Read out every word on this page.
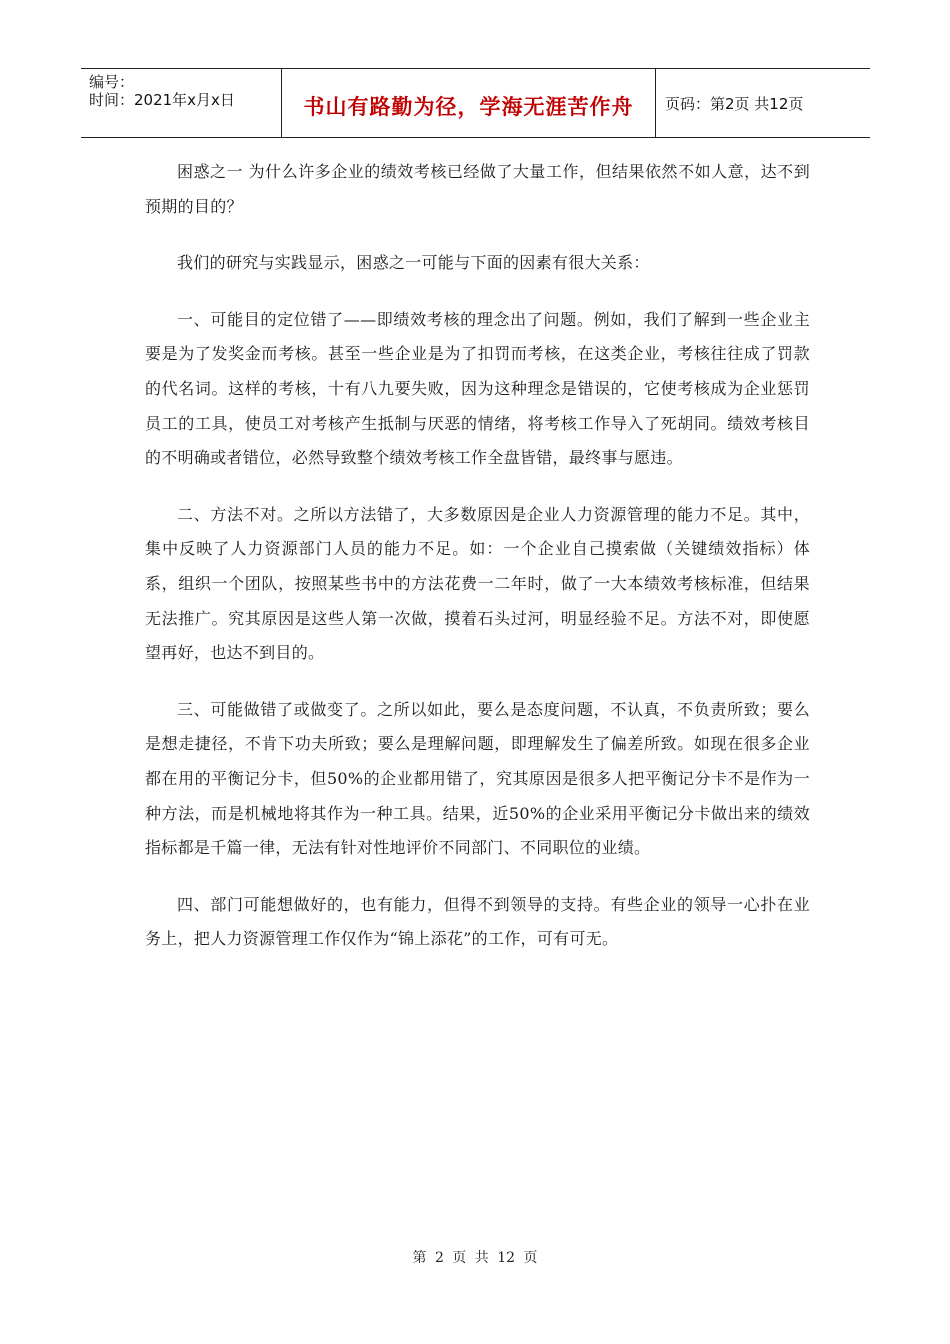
编号：
时间：2021年x月x日	书山有路勤为径，学海无涯苦作舟	页码：第2页 共12页

困惑之一 为什么许多企业的绩效考核已经做了大量工作，但结果依然不如人意，达不到预期的目的？

我们的研究与实践显示，困惑之一可能与下面的因素有很大关系：

一、可能目的定位错了——即绩效考核的理念出了问题。例如，我们了解到一些企业主要是为了发奖金而考核。甚至一些企业是为了扣罚而考核，在这类企业，考核往往成了罚款的代名词。这样的考核，十有八九要失败，因为这种理念是错误的，它使考核成为企业惩罚员工的工具，使员工对考核产生抵制与厌恶的情绪，将考核工作导入了死胡同。绩效考核目的不明确或者错位，必然导致整个绩效考核工作全盘皆错，最终事与愿违。

二、方法不对。之所以方法错了，大多数原因是企业人力资源管理的能力不足。其中，集中反映了人力资源部门人员的能力不足。如：一个企业自己摸索做（关键绩效指标）体系，组织一个团队，按照某些书中的方法花费一二年时，做了一大本绩效考核标准，但结果无法推广。究其原因是这些人第一次做，摸着石头过河，明显经验不足。方法不对，即使愿望再好，也达不到目的。

三、可能做错了或做变了。之所以如此，要么是态度问题，不认真，不负责所致；要么是想走捷径，不肯下功夫所致；要么是理解问题，即理解发生了偏差所致。如现在很多企业都在用的平衡记分卡，但50%的企业都用错了，究其原因是很多人把平衡记分卡不是作为一种方法，而是机械地将其作为一种工具。结果，近50%的企业采用平衡记分卡做出来的绩效指标都是千篇一律，无法有针对性地评价不同部门、不同职位的业绩。

四、部门可能想做好的，也有能力，但得不到领导的支持。有些企业的领导一心扑在业务上，把人力资源管理工作仅作为“锦上添花”的工作，可有可无。

第 2 页 共 12 页
